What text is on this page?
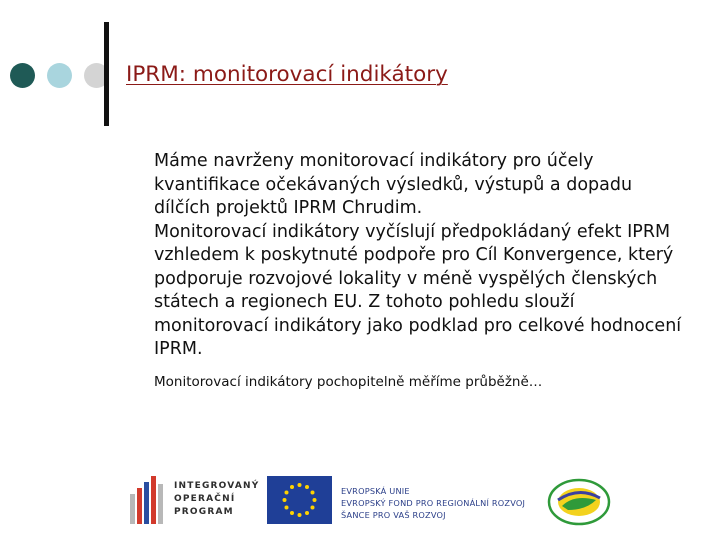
IPRM: monitorovací indikátory

Máme navrženy monitorovací indikátory pro účely kvantifikace očekávaných výsledků, výstupů a dopadu dílčích projektů IPRM Chrudim.

Monitorovací indikátory vyčíslují předpokládaný efekt IPRM vzhledem k poskytnuté podpoře pro Cíl Konvergence, který podporuje rozvojové lokality v méně vyspělých členských státech a regionech EU. Z tohoto pohledu slouží monitorovací indikátory jako podklad pro celkové hodnocení IPRM.

Monitorovací indikátory pochopitelně měříme průběžně…

INTEGROVANÝ
OPERAČNÍ
PROGRAM
EVROPSKÁ UNIE
EVROPSKÝ FOND PRO REGIONÁLNÍ ROZVOJ
ŠANCE PRO VAŠ ROZVOJ
